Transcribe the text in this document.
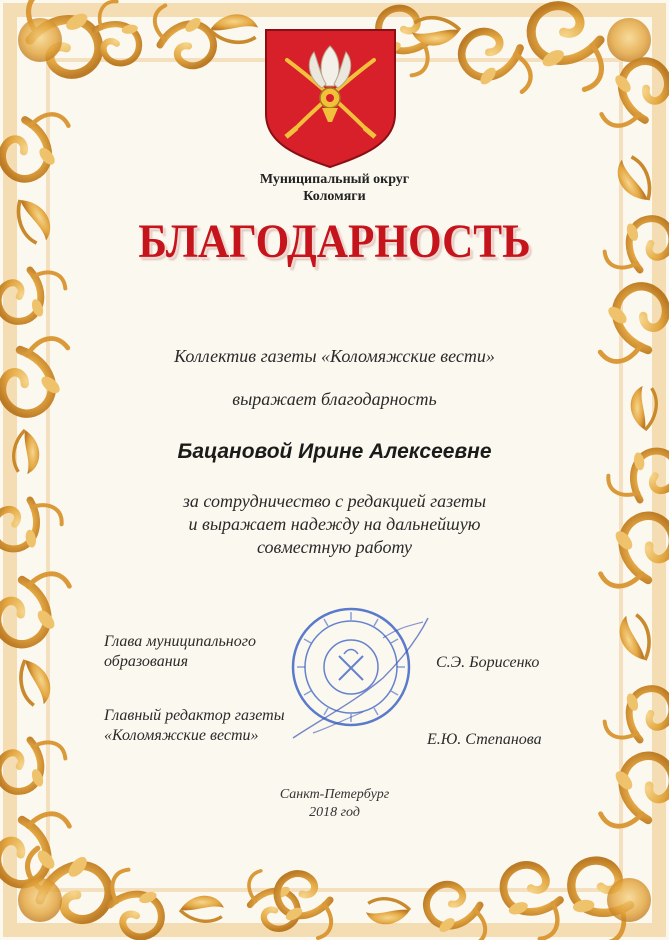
Муниципальный округ
Коломяги
БЛАГОДАРНОСТЬ
Коллектив газеты «Коломяжские вести»
выражает благодарность
Бацановой Ирине Алексеевне
за сотрудничество с редакцией газеты
и выражает надежду на дальнейшую
совместную работу
Глава муниципального
образования	С.Э. Борисенко
Главный редактор газеты
«Коломяжские вести»	Е.Ю. Степанова
Санкт-Петербург
2018 год
